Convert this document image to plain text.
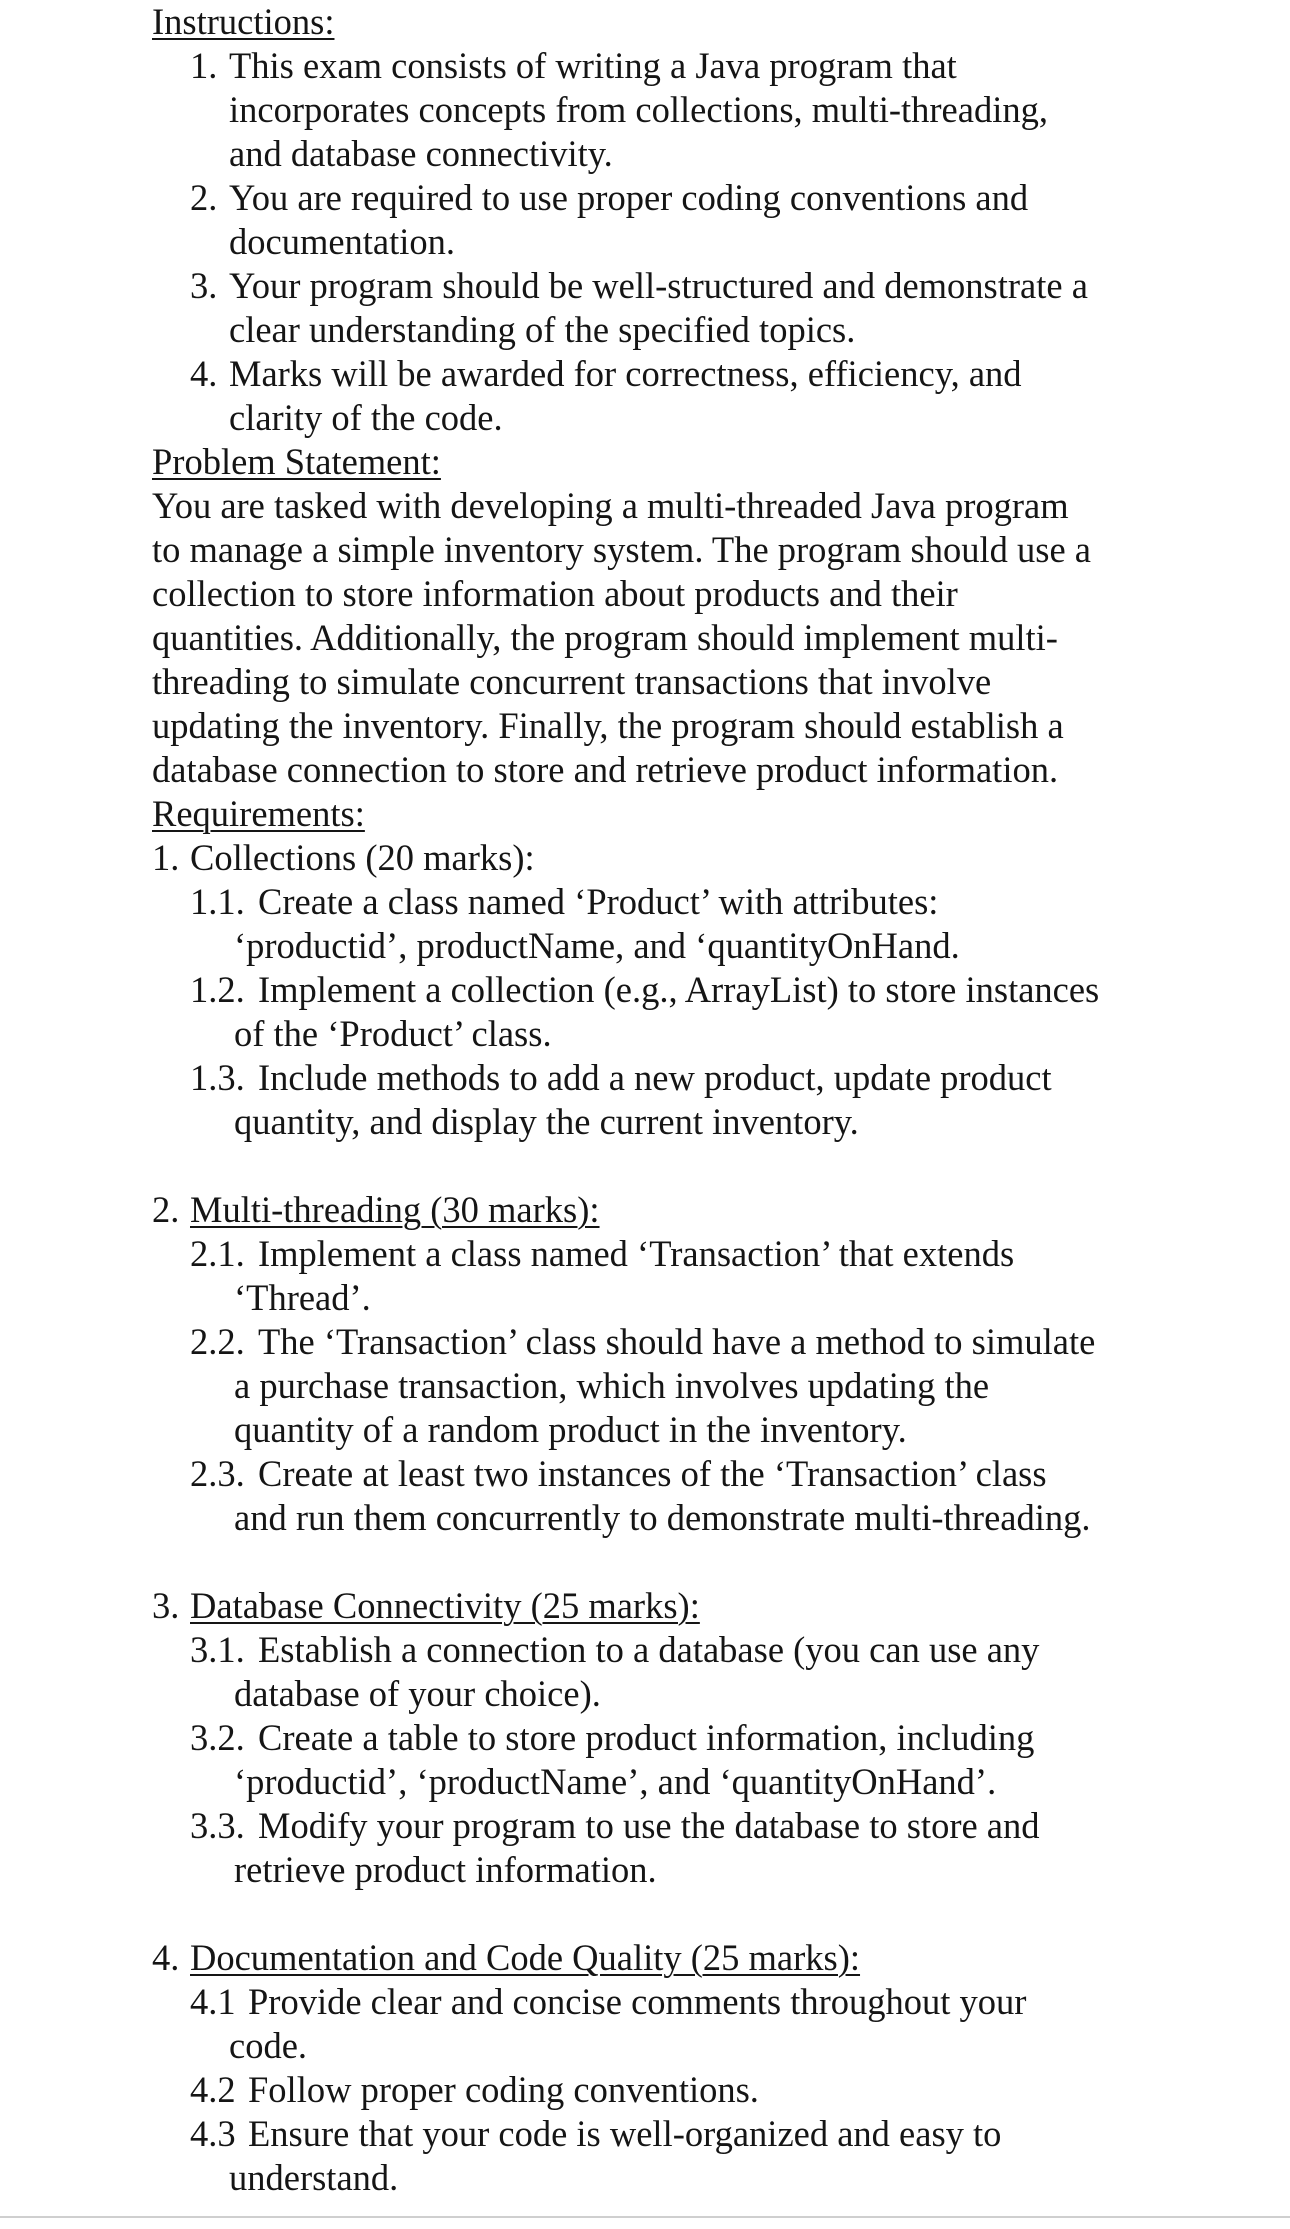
Instructions:
1. This exam consists of writing a Java program that
incorporates concepts from collections, multi-threading,
and database connectivity.
2. You are required to use proper coding conventions and
documentation.
3. Your program should be well-structured and demonstrate a
clear understanding of the specified topics.
4. Marks will be awarded for correctness, efficiency, and
clarity of the code.
Problem Statement:
You are tasked with developing a multi-threaded Java program
to manage a simple inventory system. The program should use a
collection to store information about products and their
quantities. Additionally, the program should implement multi-
threading to simulate concurrent transactions that involve
updating the inventory. Finally, the program should establish a
database connection to store and retrieve product information.
Requirements:
1. Collections (20 marks):
1.1. Create a class named ‘Product’ with attributes:
‘productid’, productName, and ‘quantityOnHand.
1.2. Implement a collection (e.g., ArrayList) to store instances
of the ‘Product’ class.
1.3. Include methods to add a new product, update product
quantity, and display the current inventory.
2. Multi-threading (30 marks):
2.1. Implement a class named ‘Transaction’ that extends
‘Thread’.
2.2. The ‘Transaction’ class should have a method to simulate
a purchase transaction, which involves updating the
quantity of a random product in the inventory.
2.3. Create at least two instances of the ‘Transaction’ class
and run them concurrently to demonstrate multi-threading.
3. Database Connectivity (25 marks):
3.1. Establish a connection to a database (you can use any
database of your choice).
3.2. Create a table to store product information, including
‘productid’, ‘productName’, and ‘quantityOnHand’.
3.3. Modify your program to use the database to store and
retrieve product information.
4. Documentation and Code Quality (25 marks):
4.1 Provide clear and concise comments throughout your
code.
4.2 Follow proper coding conventions.
4.3 Ensure that your code is well-organized and easy to
understand.
